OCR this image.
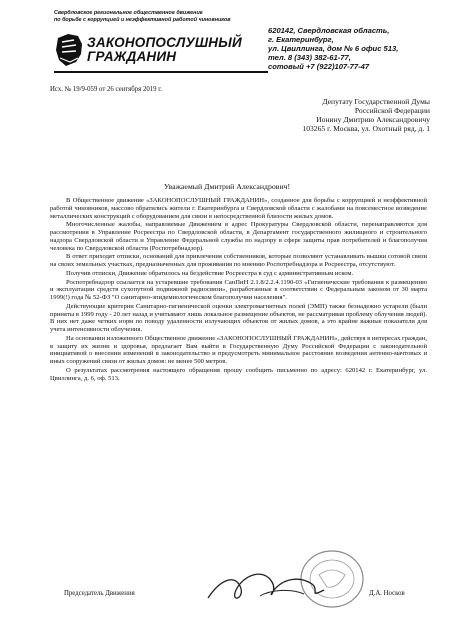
Свердловское региональное общественное движение
по борьбе с коррупцией и неэффективной работой чиновников
ЗАКОНОПОСЛУШНЫЙ
ГРАЖДАНИН
620142, Свердловская область,
г. Екатеринбург,
ул. Цвиллинга, дом № 6 офис 513,
тел. 8 (343) 382-61-77,
сотовый +7 (922)107-77-47
Исх. № 19/9-059 от 26 сентября 2019 г.
Депутату Государственной Думы
Российской Федерации
Ионину Дмитрию Александровичу
103265 г. Москва, ул. Охотный ряд, д. 1
Уважаемый Дмитрий Александрович!

В Общественное движение «ЗАКОНОПОСЛУШНЫЙ ГРАЖДАНИН», созданное для борьбы с коррупцией и неэффективной работой чиновников, массово обратились жители г. Екатеринбурга и Свердловской области с жалобами на повсеместное возведение металлических конструкций с оборудованием для связи в непосредственной близости жилых домов.

Многочисленные жалобы, направляемые Движением в адрес Прокуратуры Свердловской области, перенаправляются для рассмотрения в Управление Росреестра по Свердловской области, в Департамент государственного жилищного и строительного надзора Свердловской области и Управление Федеральной службы по надзору в сфере защиты прав потребителей и благополучия человека по Свердловской области (Роспотребнадзор).

В ответ приходят отписки, оснований для привлечения собственников, которые позволяют устанавливать вышки сотовой связи на своих земельных участках, предназначенных для проживания по мнению Роспотребнадзора и Росреестра, отсутствуют.

Получив отписки, Движение обратилось на бездействие Росреестра в суд с административным иском.

Роспотребнадзор ссылается на устаревшие требования СанПиН 2.1.8/2.2.4.1190-03 «Гигиенические требования к размещению и эксплуатации средств сухопутной подвижной радиосвязи», разработанные в соответствии с Федеральным законом от 30 марта 1999(!) года № 52-ФЗ "О санитарно-эпидемиологическом благополучии населения".

Действующие критерии Санитарно-гигиенической оценки электромагнитных полей (ЭМП) также безнадежно устарели (были приняты в 1999 году - 20 лет назад и учитывают лишь локальное размещение объектов, не рассматривая проблему облучения людей). В них нет даже четких норм по поводу удаленности излучающих объектов от жилых домов, а это крайне важные показатели для учета интенсивности облучения.

На основании изложенного Общественное движение «ЗАКОНОПОСЛУШНЫЙ ГРАЖДАНИН», действуя в интересах граждан, в защиту их жизни и здоровья, предлагает Вам выйти в Государственную Думу Российской Федерации с законодательной инициативой о внесении изменений в законодательство и предусмотреть минимальное расстояние возведения антенно-мачтовых и иных сооружений связи от жилых домов: не менее 500 метров.

О результатах рассмотрения настоящего обращения прошу сообщить письменно по адресу: 620142 г. Екатеринбург, ул. Цвиллинга, д. 6, оф. 513.

Председатель Движения	Д.А. Носков
